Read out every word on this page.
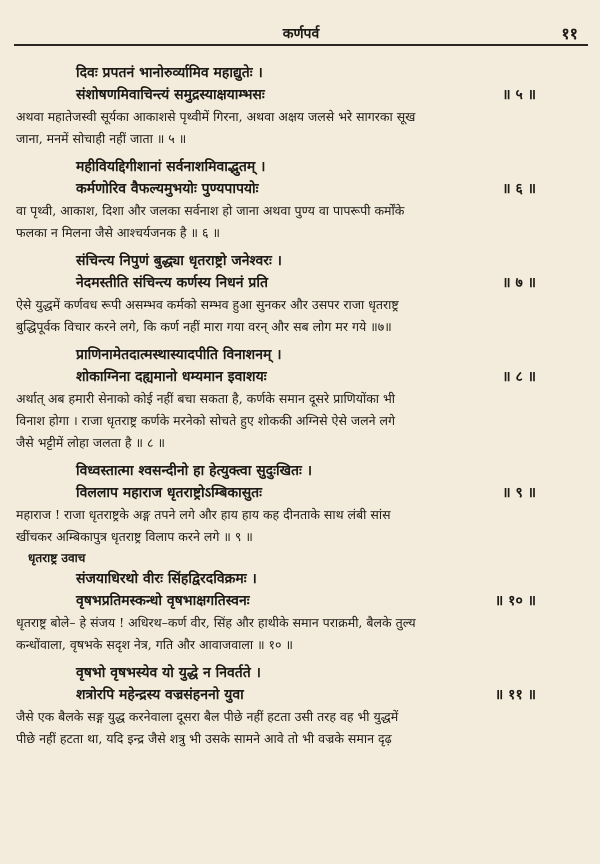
कर्णपर्व	११
दिवः प्रपतनं भानोरुर्व्यामिव महाद्युतेः ।
संशोषणमिवाचिन्त्यं समुद्रस्याक्षयाम्भसः	॥ ५ ॥
अथवा महातेजस्वी सूर्यका आकाशसे पृथ्वीमें गिरना, अथवा अक्षय जलसे भरे सागरका सूख
जाना, मनमें सोचाही नहीं जाता ॥ ५ ॥
महीवियद्दिगीशानां सर्वनाशमिवाद्भुतम् ।
कर्मणोरिव वैफल्यमुभयोः पुण्यपापयोः	॥ ६ ॥
वा पृथ्वी, आकाश, दिशा और जलका सर्वनाश हो जाना अथवा पुण्य वा पापरूपी कर्मोंके
फलका न मिलना जैसे आश्चर्यजनक है ॥ ६ ॥
संचिन्त्य निपुणं बुद्ध्या धृतराष्ट्रो जनेश्वरः ।
नेदमस्तीति संचिन्त्य कर्णस्य निधनं प्रति	॥ ७ ॥
ऐसे युद्धमें कर्णवध रूपी असम्भव कर्मको सम्भव हुआ सुनकर और उसपर राजा धृतराष्ट्र
बुद्धिपूर्वक विचार करने लगे, कि कर्ण नहीं मारा गया वरन् और सब लोग मर गये ॥७॥
प्राणिनामेतदात्मस्थास्यादपीति विनाशनम् ।
शोकाग्निना दह्यमानो धम्यमान इवाशयः	॥ ८ ॥
अर्थात् अब हमारी सेनाको कोई नहीं बचा सकता है, कर्णके समान दूसरे प्राणियोंका भी
विनाश होगा । राजा धृतराष्ट्र कर्णके मरनेको सोचते हुए शोककी अग्निसे ऐसे जलने लगे
जैसे भट्टीमें लोहा जलता है ॥ ८ ॥
विध्वस्तात्मा श्वसन्दीनो हा हेत्युक्त्वा सुदुःखितः ।
विललाप महाराज धृतराष्ट्रोऽम्बिकासुतः	॥ ९ ॥
महाराज ! राजा धृतराष्ट्रके अङ्ग तपने लगे और हाय हाय कह दीनताके साथ लंबी सांस
खींचकर अम्बिकापुत्र धृतराष्ट्र विलाप करने लगे ॥ ९ ॥
धृतराष्ट्र उवाच
संजयाधिरथो वीरः सिंहद्विरदविक्रमः ।
वृषभप्रतिमस्कन्धो वृषभाक्षगतिस्वनः	॥ १० ॥
धृतराष्ट्र बोले– हे संजय ! अधिरथ–कर्ण वीर, सिंह और हाथीके समान पराक्रमी, बैलके तुल्य
कन्धोंवाला, वृषभके सदृश नेत्र, गति और आवाजवाला ॥ १० ॥
वृषभो वृषभस्येव यो युद्धे न निवर्तते ।
शत्रोरपि महेन्द्रस्य वज्रसंहननो युवा	॥ ११ ॥
जैसे एक बैलके सङ्ग युद्ध करनेवाला दूसरा बैल पीछे नहीं हटता उसी तरह वह भी युद्धमें
पीछे नहीं हटता था, यदि इन्द्र जैसे शत्रु भी उसके सामने आवे तो भी वज्रके समान दृढ़
